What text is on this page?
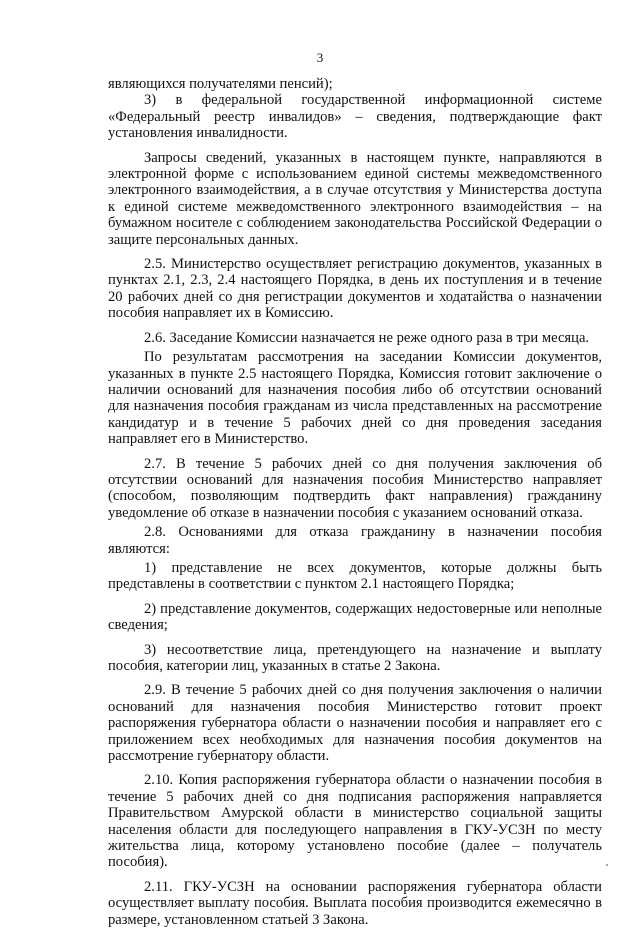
3

являющихся получателями пенсий);

3) в федеральной государственной информационной системе «Федеральный реестр инвалидов» – сведения, подтверждающие факт установления инвалидности.

Запросы сведений, указанных в настоящем пункте, направляются в электронной форме с использованием единой системы межведомственного электронного взаимодействия, а в случае отсутствия у Министерства доступа к единой системе межведомственного электронного взаимодействия – на бумажном носителе с соблюдением законодательства Российской Федерации о защите персональных данных.

2.5. Министерство осуществляет регистрацию документов, указанных в пунктах 2.1, 2.3, 2.4 настоящего Порядка, в день их поступления и в течение 20 рабочих дней со дня регистрации документов и ходатайства о назначении пособия направляет их в Комиссию.

2.6. Заседание Комиссии назначается не реже одного раза в три месяца.

По результатам рассмотрения на заседании Комиссии документов, указанных в пункте 2.5 настоящего Порядка, Комиссия готовит заключение о наличии оснований для назначения пособия либо об отсутствии оснований для назначения пособия гражданам из числа представленных на рассмотрение кандидатур и в течение 5 рабочих дней со дня проведения заседания направляет его в Министерство.

2.7. В течение 5 рабочих дней со дня получения заключения об отсутствии оснований для назначения пособия Министерство направляет (способом, позволяющим подтвердить факт направления) гражданину уведомление об отказе в назначении пособия с указанием оснований отказа.

2.8. Основаниями для отказа гражданину в назначении пособия являются:

1) представление не всех документов, которые должны быть представлены в соответствии с пунктом 2.1 настоящего Порядка;

2) представление документов, содержащих недостоверные или неполные сведения;

3) несоответствие лица, претендующего на назначение и выплату пособия, категории лиц, указанных в статье 2 Закона.

2.9. В течение 5 рабочих дней со дня получения заключения о наличии оснований для назначения пособия Министерство готовит проект распоряжения губернатора области о назначении пособия и направляет его с приложением всех необходимых для назначения пособия документов на рассмотрение губернатору области.

2.10. Копия распоряжения губернатора области о назначении пособия в течение 5 рабочих дней со дня подписания распоряжения направляется Правительством Амурской области в министерство социальной защиты населения области для последующего направления в ГКУ-УСЗН по месту жительства лица, которому установлено пособие (далее – получатель пособия).

2.11. ГКУ-УСЗН на основании распоряжения губернатора области осуществляет выплату пособия. Выплата пособия производится ежемесячно в размере, установленном статьей 3 Закона.
